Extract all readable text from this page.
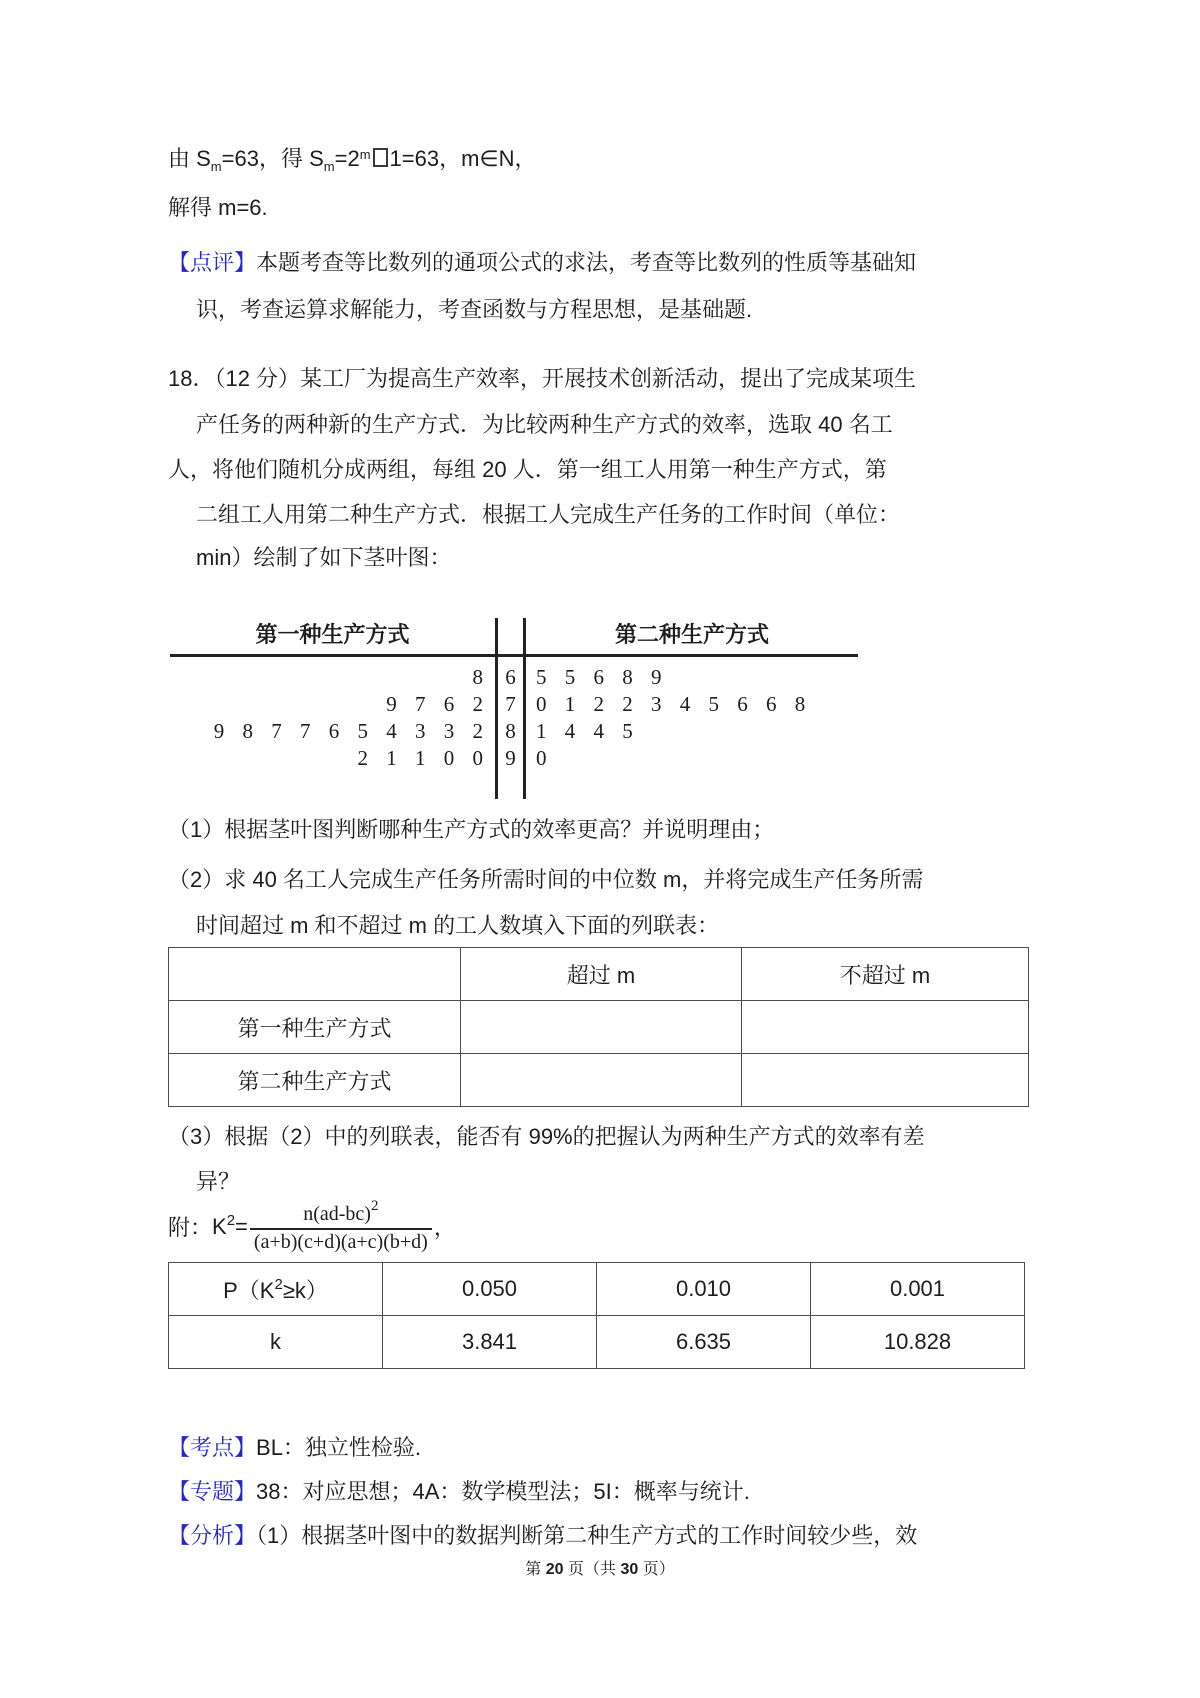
由 $S_m=63$，得 $S_m=2^m$ 1=63，m∈N，
解得 m=6.
【点评】本题考查等比数列的通项公式的求法，考查等比数列的性质等基础知
识，考查运算求解能力，考查函数与方程思想，是基础题.
18．（12 分）某工厂为提高生产效率，开展技术创新活动，提出了完成某项生
产任务的两种新的生产方式．为比较两种生产方式的效率，选取 40 名工
人，将他们随机分成两组，每组 20 人．第一组工人用第一种生产方式，第
二组工人用第二种生产方式．根据工人完成生产任务的工作时间（单位：
min）绘制了如下茎叶图：
第一种生产方式	第二种生产方式
8	6 5 5 6 8 9
9 7 6 2	7 0 1 2 2 3 4 5 6 6 8
9 8 7 7 6 5 4 3 3 2	8 1 4 4 5
2 1 1 0 0	9 0
（1）根据茎叶图判断哪种生产方式的效率更高？并说明理由；
（2）求 40 名工人完成生产任务所需时间的中位数 m，并将完成生产任务所需
时间超过 m 和不超过 m 的工人数填入下面的列联表：
	超过 m	不超过 m
第一种生产方式		
第二种生产方式		
（3）根据（2）中的列联表，能否有 99%的把握认为两种生产方式的效率有差
异？
附： $K^2= \frac{n(ad-bc)^2}{(a+b)(c+d)(a+c)(b+d)}$ ，
$P(K^2\ge k)$	0.050	0.010	0.001
k	3.841	6.635	10.828
【考点】BL：独立性检验.
【专题】38：对应思想；4A：数学模型法；5I：概率与统计.
【分析】（1）根据茎叶图中的数据判断第二种生产方式的工作时间较少些，效
第 20 页（共 30 页）
